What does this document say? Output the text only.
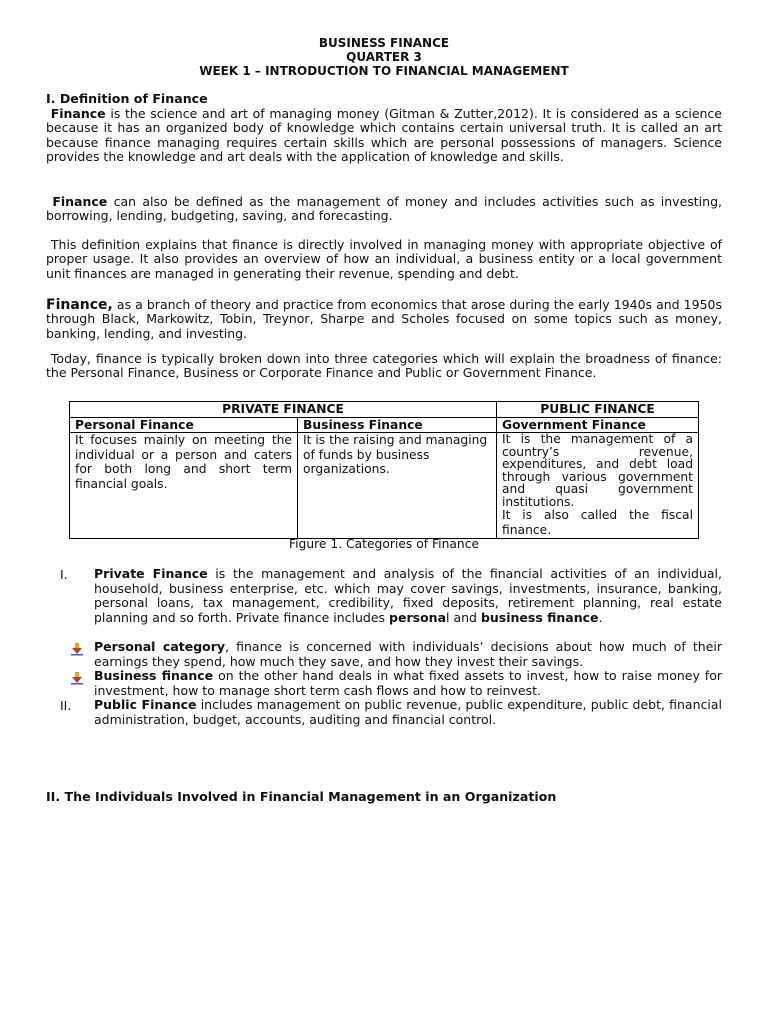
BUSINESS FINANCE
QUARTER 3
WEEK 1 – INTRODUCTION TO FINANCIAL MANAGEMENT
I. Definition of Finance
Finance is the science and art of managing money (Gitman & Zutter,2012). It is considered as a science because it has an organized body of knowledge which contains certain universal truth. It is called an art because finance managing requires certain skills which are personal possessions of managers. Science provides the knowledge and art deals with the application of knowledge and skills.
Finance can also be defined as the management of money and includes activities such as investing, borrowing, lending, budgeting, saving, and forecasting.
This definition explains that finance is directly involved in managing money with appropriate objective of proper usage. It also provides an overview of how an individual, a business entity or a local government unit finances are managed in generating their revenue, spending and debt.
Finance, as a branch of theory and practice from economics that arose during the early 1940s and 1950s through Black, Markowitz, Tobin, Treynor, Sharpe and Scholes focused on some topics such as money, banking, lending, and investing.
Today, finance is typically broken down into three categories which will explain the broadness of finance: the Personal Finance, Business or Corporate Finance and Public or Government Finance.
PRIVATE FINANCE		PUBLIC FINANCE
Personal Finance	Business Finance	Government Finance
It focuses mainly on meeting the individual or a person and caters for both long and short term financial goals.	It is the raising and managing of funds by business organizations.	It is the management of a country’s revenue, expenditures, and debt load through various government and quasi government institutions.
It is also called the fiscal finance.
Figure 1. Categories of Finance
I. Private Finance is the management and analysis of the financial activities of an individual, household, business enterprise, etc. which may cover savings, investments, insurance, banking, personal loans, tax management, credibility, fixed deposits, retirement planning, real estate planning and so forth. Private finance includes personal and business finance.
Personal category, finance is concerned with individuals’ decisions about how much of their earnings they spend, how much they save, and how they invest their savings.
Business finance on the other hand deals in what fixed assets to invest, how to raise money for investment, how to manage short term cash flows and how to reinvest.
II. Public Finance includes management on public revenue, public expenditure, public debt, financial administration, budget, accounts, auditing and financial control.
II. The Individuals Involved in Financial Management in an Organization
